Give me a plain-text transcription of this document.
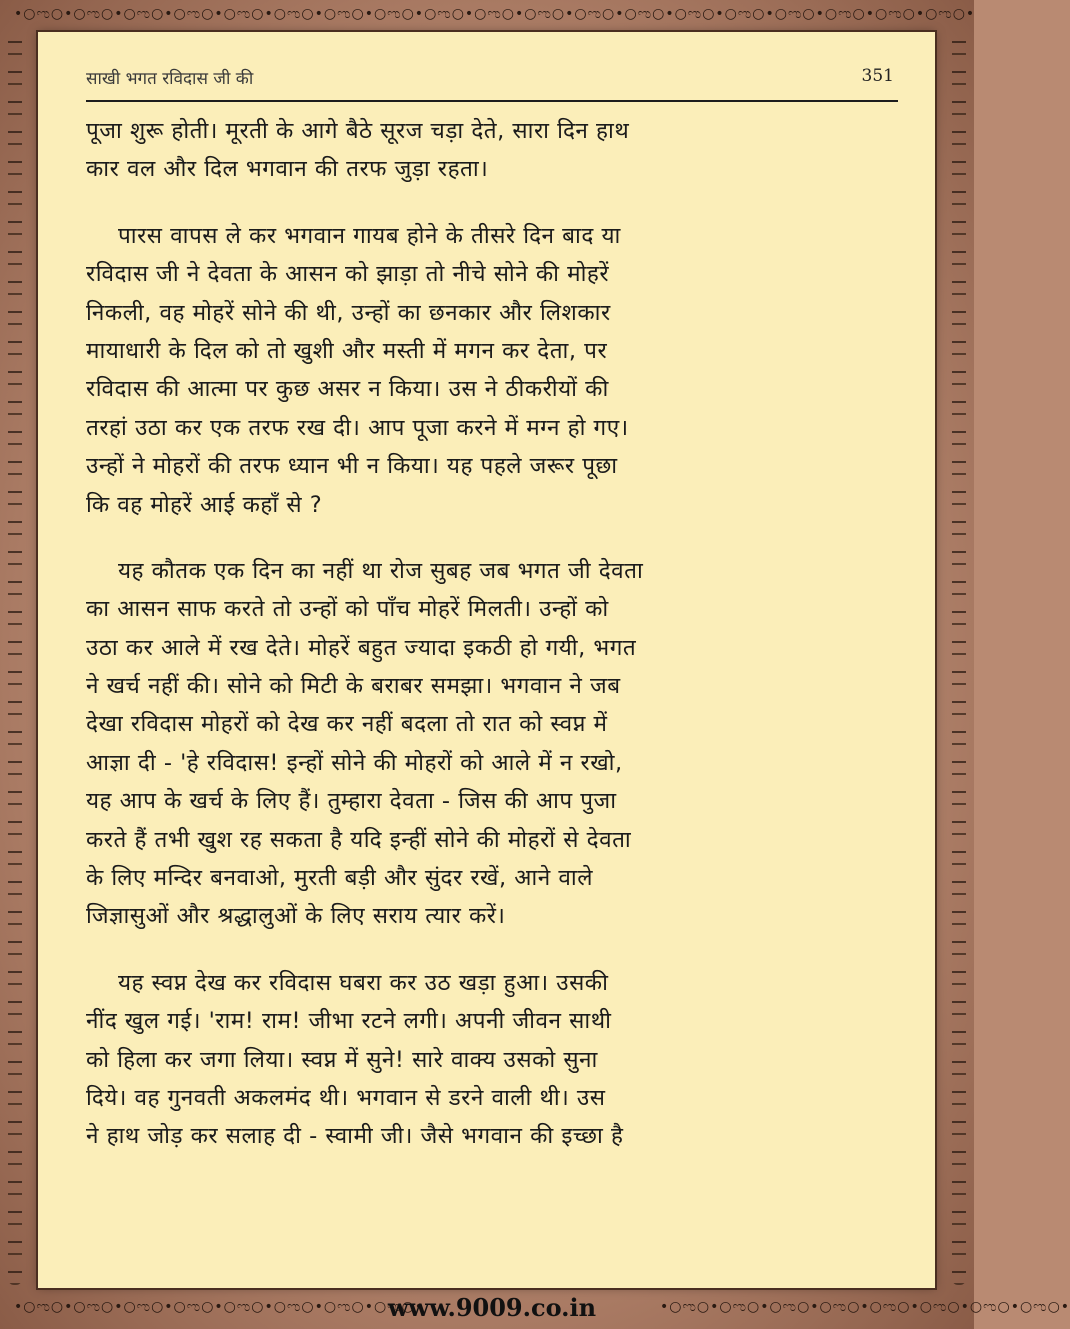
•○ಌ○•○ಌ○•○ಌ○•○ಌ○•○ಌ○•○ಌ○•○ಌ○•○ಌ○•○ಌ○•○ಌ○•○ಌ○•○ಌ○•○ಌ○•○ಌ○•○ಌ○•○ಌ○•○ಌ○•○ಌ○•○ಌ○•
•○ಌ○•○ಌ○•○ಌ○•○ಌ○•○ಌ○•○ಌ○•○ಌ○•○ಌ○•	•○ಌ○•○ಌ○•○ಌ○•○ಌ○•○ಌ○•○ಌ○•○ಌ○•○ಌ○•
साखी भगत रविदास जी की	351
पूजा शुरू होती। मूरती के आगे बैठे सूरज चड़ा देते, सारा दिन हाथ
कार वल और दिल भगवान की तरफ जुड़ा रहता।
पारस वापस ले कर भगवान गायब होने के तीसरे दिन बाद या
रविदास जी ने देवता के आसन को झाड़ा तो नीचे सोने की मोहरें
निकली, वह मोहरें सोने की थी, उन्हों का छनकार और लिशकार
मायाधारी के दिल को तो खुशी और मस्ती में मगन कर देता, पर
रविदास की आत्मा पर कुछ असर न किया। उस ने ठीकरीयों की
तरहां उठा कर एक तरफ रख दी। आप पूजा करने में मग्न हो गए।
उन्हों ने मोहरों की तरफ ध्यान भी न किया। यह पहले जरूर पूछा
कि वह मोहरें आई कहाँ से ?
यह कौतक एक दिन का नहीं था रोज सुबह जब भगत जी देवता
का आसन साफ करते तो उन्हों को पाँच मोहरें मिलती। उन्हों को
उठा कर आले में रख देते। मोहरें बहुत ज्यादा इकठी हो गयी, भगत
ने खर्च नहीं की। सोने को मिटी के बराबर समझा। भगवान ने जब
देखा रविदास मोहरों को देख कर नहीं बदला तो रात को स्वप्न में
आज्ञा दी - 'हे रविदास! इन्हों सोने की मोहरों को आले में न रखो,
यह आप के खर्च के लिए हैं। तुम्हारा देवता - जिस की आप पुजा
करते हैं तभी खुश रह सकता है यदि इन्हीं सोने की मोहरों से देवता
के लिए मन्दिर बनवाओ, मुरती बड़ी और सुंदर रखें, आने वाले
जिज्ञासुओं और श्रद्धालुओं के लिए सराय त्यार करें।
यह स्वप्न देख कर रविदास घबरा कर उठ खड़ा हुआ। उसकी
नींद खुल गई। 'राम! राम! जीभा रटने लगी। अपनी जीवन साथी
को हिला कर जगा लिया। स्वप्न में सुने! सारे वाक्य उसको सुना
दिये। वह गुनवती अकलमंद थी। भगवान से डरने वाली थी। उस
ने हाथ जोड़ कर सलाह दी - स्वामी जी। जैसे भगवान की इच्छा है
www.9009.co.in
